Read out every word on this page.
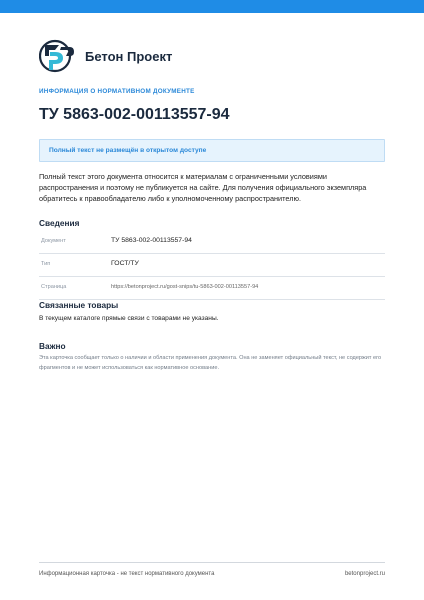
Бетон Проект
ИНФОРМАЦИЯ О НОРМАТИВНОМ ДОКУМЕНТЕ
ТУ 5863-002-00113557-94
Полный текст не размещён в открытом доступе
Полный текст этого документа относится к материалам с ограниченными условиями распространения и поэтому не публикуется на сайте. Для получения официального экземпляра обратитесь к правообладателю либо к уполномоченному распространителю.
Сведения
Документ	ТУ 5863-002-00113557-94
Тип	ГОСТ/ТУ
Страница	https://betonproject.ru/gost-snips/tu-5863-002-00113557-94
Связанные товары
В текущем каталоге прямые связи с товарами не указаны.
Важно
Эта карточка сообщает только о наличии и области применения документа. Она не заменяет официальный текст, не содержит его фрагментов и не может использоваться как нормативное основание.
Информационная карточка - не текст нормативного документа	betonproject.ru
